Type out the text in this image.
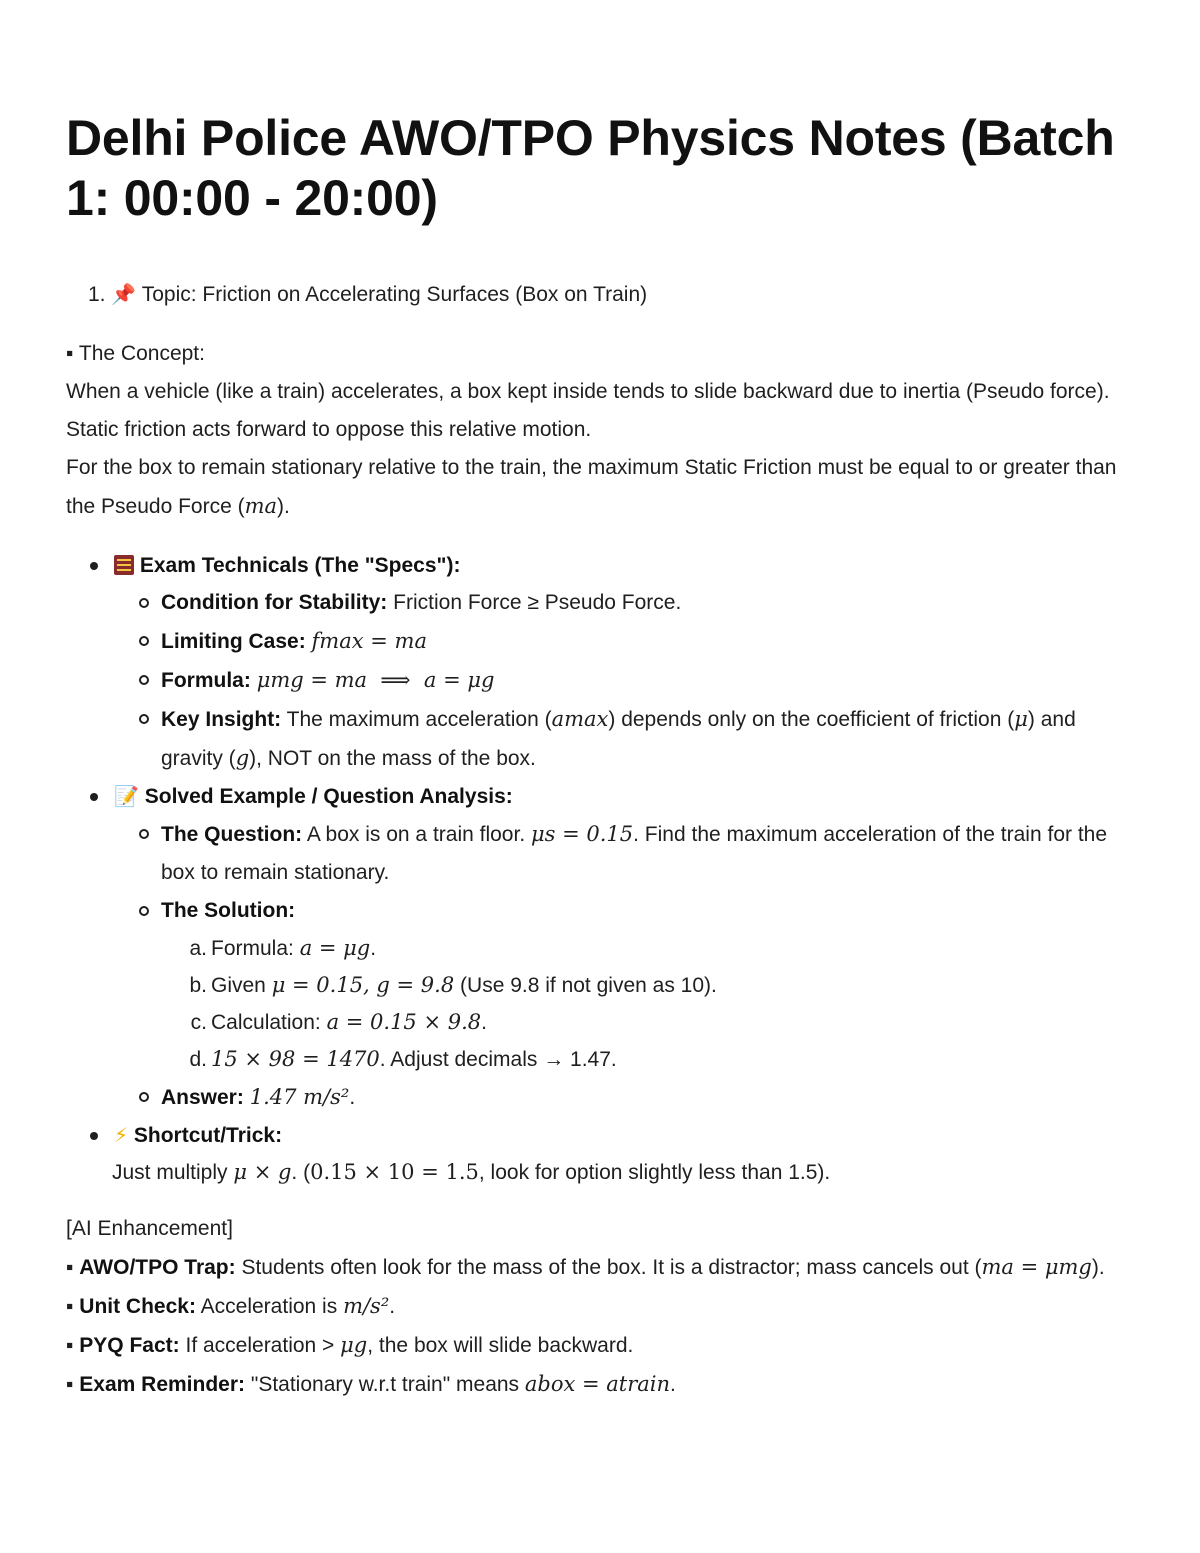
Delhi Police AWO/TPO Physics Notes (Batch 1: 00:00 - 20:00)
1. 📌 Topic: Friction on Accelerating Surfaces (Box on Train)

▪ The Concept:

When a vehicle (like a train) accelerates, a box kept inside tends to slide backward due to inertia (Pseudo force). Static friction acts forward to oppose this relative motion.

For the box to remain stationary relative to the train, the maximum Static Friction must be equal to or greater than the Pseudo Force (ma).

Exam Technicals (The "Specs"):
Condition for Stability: Friction Force ≥ Pseudo Force.
Limiting Case: fmax = ma
Formula: μmg = ma  ⟹  a = μg
Key Insight: The maximum acceleration (amax) depends only on the coefficient of friction (μ) and gravity (g), NOT on the mass of the box.
📝 Solved Example / Question Analysis:
The Question: A box is on a train floor. μs = 0.15. Find the maximum acceleration of the train for the box to remain stationary.
The Solution:
a. Formula: a = μg.
b. Given μ = 0.15, g = 9.8 (Use 9.8 if not given as 10).
c. Calculation: a = 0.15 × 9.8.
d. 15 × 98 = 1470. Adjust decimals → 1.47.
Answer: 1.47 m/s².
⚡ Shortcut/Trick:
Just multiply μ × g. (0.15 × 10 = 1.5, look for option slightly less than 1.5).

[AI Enhancement]

▪ AWO/TPO Trap: Students often look for the mass of the box. It is a distractor; mass cancels out (ma = μmg).

▪ Unit Check: Acceleration is m/s².

▪ PYQ Fact: If acceleration > μg, the box will slide backward.

▪ Exam Reminder: "Stationary w.r.t train" means abox = atrain.
